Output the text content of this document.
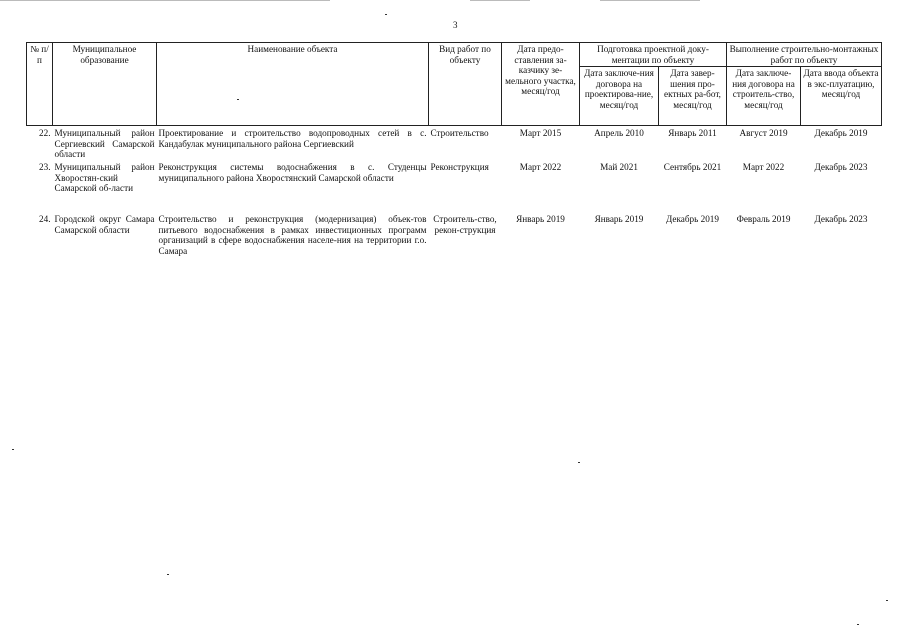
3
№ п/п	Муниципальное образование	Наименование объекта	Вид работ по объекту	Дата предо-ставления за-казчику зе-мельного участка, месяц/год	Подготовка проектной доку-ментации по объекту		Выполнение строительно-монтажных работ по объекту	
					Дата заключе-ния договора на проектирова-ние, месяц/год	Дата завер-шения про-ектных ра-бот, месяц/год	Дата заключе-ния договора на строитель-ство, месяц/год	Дата ввода объекта в экс-плуатацию, месяц/год
22.	Муниципальный район Сергиевский Самарской области	Проектирование и строительство водопроводных сетей в с. Кандабулак муниципального района Сергиевский	Строительство	Март 2015	Апрель 2010	Январь 2011	Август 2019	Декабрь 2019
23.	Муниципальный район Хворостян-ский Самарской об-ласти	Реконструкция системы водоснабжения в с. Студенцы муниципального района Хворостянский Самарской области	Реконструкция	Март 2022	Май 2021	Сентябрь 2021	Март 2022	Декабрь 2023
24.	Городской округ Самара Самарской области	Строительство и реконструкция (модернизация) объек-тов питьевого водоснабжения в рамках инвестиционных программ организаций в сфере водоснабжения населе-ния на территории г.о. Самара	Строитель-ство, рекон-струкция	Январь 2019	Январь 2019	Декабрь 2019	Февраль 2019	Декабрь 2023
